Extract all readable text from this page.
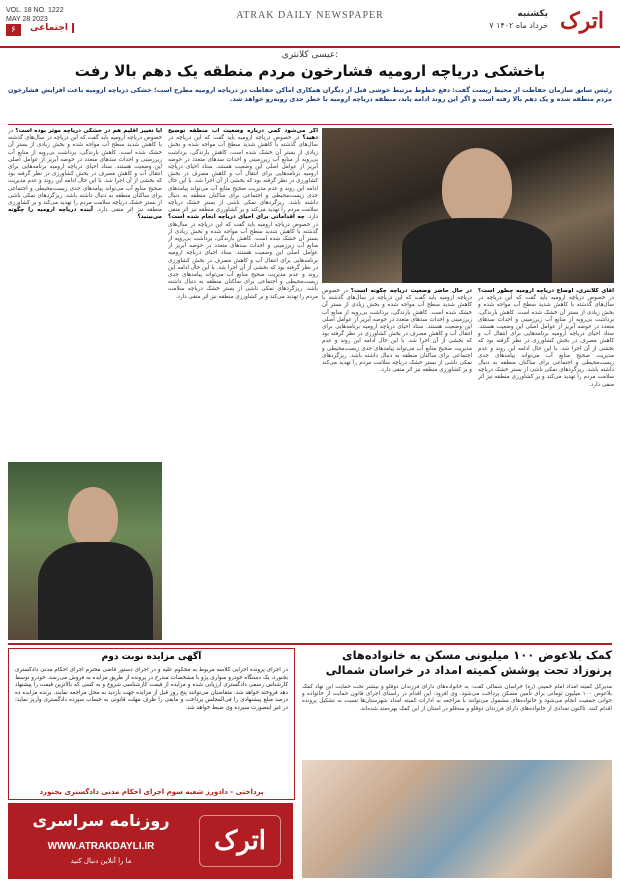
اترک
یکشنبه
۷ خرداد ماه ۱۴۰۲
ATRAK DAILY NEWSPAPER
VOL. 18 NO. 1222
MAY 28 2023
۶	اجتماعی
عیسی کلانتری:
باخشکی دریاچه ارومیه فشارخون مردم منطقه یک دهم بالا رفت
رئیس سابق سازمان حفاظت از محیط زیست گفت: دفع خطوط مرتبط خوشی قبل از دیگران همکاری اماکن حفاظت در دریاچه ارومیه مطرح است؛ خشکی دریاچه ارومیه باعث افزایش فشارخون مردم منطقه شده و یک دهم بالا رفته است و اگر این روند ادامه یابد، منطقه دریاچه ارومیه با خطر جدی روبه‌رو خواهد شد.
آقای کلانتری، اوضاع دریاچه ارومیه چطور است؟ در خصوص دریاچه ارومیه باید گفت که این دریاچه در سال‌های گذشته با کاهش شدید سطح آب مواجه شده و بخش زیادی از بستر آن خشک شده است. کاهش بارندگی، برداشت بی‌رویه از منابع آب زیرزمینی و احداث سدهای متعدد در حوضه آبریز از عوامل اصلی این وضعیت هستند. ستاد احیای دریاچه ارومیه برنامه‌هایی برای انتقال آب و کاهش مصرف در بخش کشاورزی در نظر گرفته بود که بخشی از آن اجرا شد. با این حال ادامه این روند و عدم مدیریت صحیح منابع آب می‌تواند پیامدهای جدی زیست‌محیطی و اجتماعی برای ساکنان منطقه به دنبال داشته باشد. ریزگردهای نمکی ناشی از بستر خشک دریاچه سلامت مردم را تهدید می‌کند و بر کشاورزی منطقه نیز اثر منفی دارد.
در حال حاضر وضعیت دریاچه چگونه است؟ در خصوص دریاچه ارومیه باید گفت که این دریاچه در سال‌های گذشته با کاهش شدید سطح آب مواجه شده و بخش زیادی از بستر آن خشک شده است. کاهش بارندگی، برداشت بی‌رویه از منابع آب زیرزمینی و احداث سدهای متعدد در حوضه آبریز از عوامل اصلی این وضعیت هستند. ستاد احیای دریاچه ارومیه برنامه‌هایی برای انتقال آب و کاهش مصرف در بخش کشاورزی در نظر گرفته بود که بخشی از آن اجرا شد. با این حال ادامه این روند و عدم مدیریت صحیح منابع آب می‌تواند پیامدهای جدی زیست‌محیطی و اجتماعی برای ساکنان منطقه به دنبال داشته باشد. ریزگردهای نمکی ناشی از بستر خشک دریاچه سلامت مردم را تهدید می‌کند و بر کشاورزی منطقه نیز اثر منفی دارد.
اگر می‌شود کمی درباره وضعیت آب منطقه توضیح دهید؟ در خصوص دریاچه ارومیه باید گفت که این دریاچه در سال‌های گذشته با کاهش شدید سطح آب مواجه شده و بخش زیادی از بستر آن خشک شده است. کاهش بارندگی، برداشت بی‌رویه از منابع آب زیرزمینی و احداث سدهای متعدد در حوضه آبریز از عوامل اصلی این وضعیت هستند. ستاد احیای دریاچه ارومیه برنامه‌هایی برای انتقال آب و کاهش مصرف در بخش کشاورزی در نظر گرفته بود که بخشی از آن اجرا شد. با این حال ادامه این روند و عدم مدیریت صحیح منابع آب می‌تواند پیامدهای جدی زیست‌محیطی و اجتماعی برای ساکنان منطقه به دنبال داشته باشد. ریزگردهای نمکی ناشی از بستر خشک دریاچه سلامت مردم را تهدید می‌کند و بر کشاورزی منطقه نیز اثر منفی دارد. چه اقداماتی برای احیای دریاچه انجام شده است؟ در خصوص دریاچه ارومیه باید گفت که این دریاچه در سال‌های گذشته با کاهش شدید سطح آب مواجه شده و بخش زیادی از بستر آن خشک شده است. کاهش بارندگی، برداشت بی‌رویه از منابع آب زیرزمینی و احداث سدهای متعدد در حوضه آبریز از عوامل اصلی این وضعیت هستند. ستاد احیای دریاچه ارومیه برنامه‌هایی برای انتقال آب و کاهش مصرف در بخش کشاورزی در نظر گرفته بود که بخشی از آن اجرا شد. با این حال ادامه این روند و عدم مدیریت صحیح منابع آب می‌تواند پیامدهای جدی زیست‌محیطی و اجتماعی برای ساکنان منطقه به دنبال داشته باشد. ریزگردهای نمکی ناشی از بستر خشک دریاچه سلامت مردم را تهدید می‌کند و بر کشاورزی منطقه نیز اثر منفی دارد.
آیا تغییر اقلیم هم در خشکی دریاچه موثر بوده است؟ در خصوص دریاچه ارومیه باید گفت که این دریاچه در سال‌های گذشته با کاهش شدید سطح آب مواجه شده و بخش زیادی از بستر آن خشک شده است. کاهش بارندگی، برداشت بی‌رویه از منابع آب زیرزمینی و احداث سدهای متعدد در حوضه آبریز از عوامل اصلی این وضعیت هستند. ستاد احیای دریاچه ارومیه برنامه‌هایی برای انتقال آب و کاهش مصرف در بخش کشاورزی در نظر گرفته بود که بخشی از آن اجرا شد. با این حال ادامه این روند و عدم مدیریت صحیح منابع آب می‌تواند پیامدهای جدی زیست‌محیطی و اجتماعی برای ساکنان منطقه به دنبال داشته باشد. ریزگردهای نمکی ناشی از بستر خشک دریاچه سلامت مردم را تهدید می‌کند و بر کشاورزی منطقه نیز اثر منفی دارد. آینده دریاچه ارومیه را چگونه می‌بینید؟
آگهی مزایده نوبت دوم
در اجرای پرونده اجرایی کلاسه مربوط به محکوم علیه و در اجرای دستور قاضی محترم اجرای احکام مدنی دادگستری بجنورد، یک دستگاه خودرو سواری پژو با مشخصات مندرج در پرونده از طریق مزایده به فروش می‌رسد. خودرو توسط کارشناس رسمی دادگستری ارزیابی شده و مزایده از قیمت کارشناسی شروع و به کسی که بالاترین قیمت را پیشنهاد دهد فروخته خواهد شد. متقاضیان می‌توانند پنج روز قبل از مزایده جهت بازدید به محل مراجعه نمایند. برنده مزایده ده درصد مبلغ پیشنهادی را فی‌المجلس پرداخت و مابقی را ظرف مهلت قانونی به حساب سپرده دادگستری واریز نماید؛ در غیر اینصورت سپرده وی ضبط خواهد شد.
پرداختی - دادورز شعبه سوم اجرای احکام مدنی دادگستری بجنورد
کمک بلاعوض ۱۰۰ میلیونی مسکن به خانواده‌های پرنوزاد تحت پوشش کمیته امداد در خراسان شمالی
مدیرکل کمیته امداد امام خمینی (ره) خراسان شمالی گفت: به خانواده‌های دارای فرزندان دوقلو و بیشتر تحت حمایت این نهاد کمک بلاعوض ۱۰۰ میلیون تومانی برای تأمین مسکن پرداخت می‌شود. وی افزود: این اقدام در راستای اجرای قانون حمایت از خانواده و جوانی جمعیت انجام می‌شود و خانواده‌های مشمول می‌توانند با مراجعه به ادارات کمیته امداد شهرستان‌ها نسبت به تشکیل پرونده اقدام کنند. تاکنون تعدادی از خانواده‌های دارای فرزندان دوقلو و سه‌قلو در استان از این کمک بهره‌مند شده‌اند.
روزنامه سراسری
WWW.ATRAKDAYLI.IR
ما را آنلاین دنبال کنید
اترک
